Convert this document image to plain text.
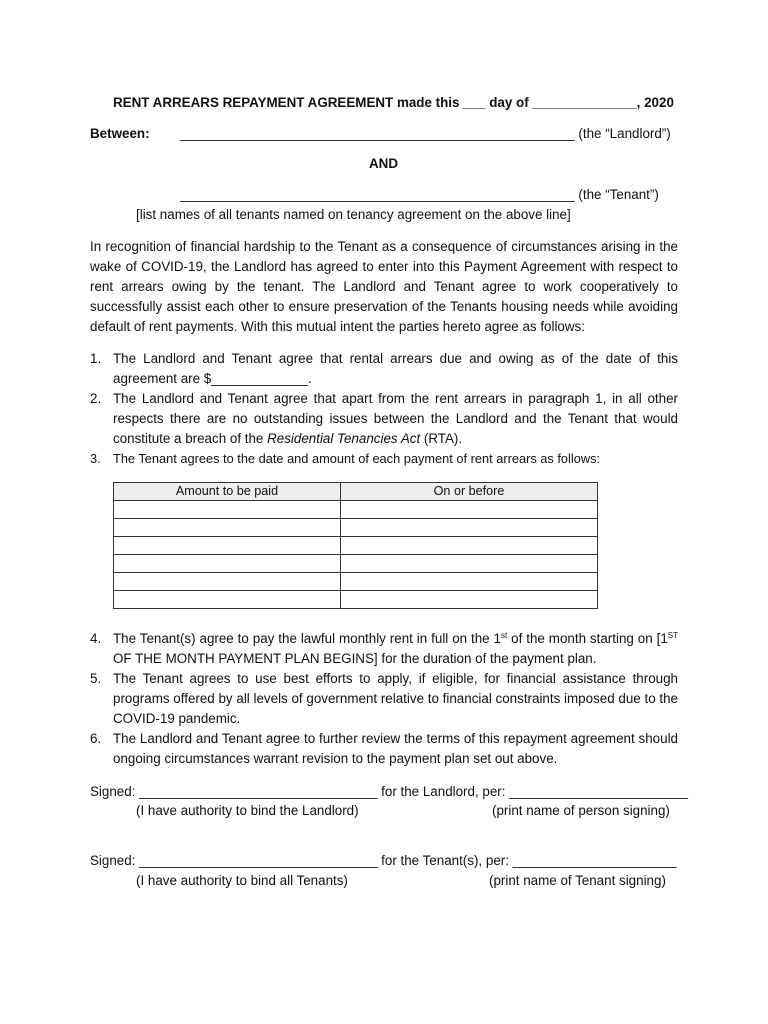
RENT ARREARS REPAYMENT AGREEMENT made this ___ day of ______________, 2020
Between: _____________________________________________________ (the “Landlord”)
AND
_____________________________________________________ (the “Tenant”)
[list names of all tenants named on tenancy agreement on the above line]
In recognition of financial hardship to the Tenant as a consequence of circumstances arising in the wake of COVID-19, the Landlord has agreed to enter into this Payment Agreement with respect to rent arrears owing by the tenant. The Landlord and Tenant agree to work cooperatively to successfully assist each other to ensure preservation of the Tenants housing needs while avoiding default of rent payments. With this mutual intent the parties hereto agree as follows:
1. The Landlord and Tenant agree that rental arrears due and owing as of the date of this agreement are $_____________.
2. The Landlord and Tenant agree that apart from the rent arrears in paragraph 1, in all other respects there are no outstanding issues between the Landlord and the Tenant that would constitute a breach of the Residential Tenancies Act (RTA).
3. The Tenant agrees to the date and amount of each payment of rent arrears as follows:
Amount to be paid	On or before

4. The Tenant(s) agree to pay the lawful monthly rent in full on the 1st of the month starting on [1ST OF THE MONTH PAYMENT PLAN BEGINS] for the duration of the payment plan.
5. The Tenant agrees to use best efforts to apply, if eligible, for financial assistance through programs offered by all levels of government relative to financial constraints imposed due to the COVID-19 pandemic.
6. The Landlord and Tenant agree to further review the terms of this repayment agreement should ongoing circumstances warrant revision to the payment plan set out above.
Signed: ________________________________ for the Landlord, per: ________________________
(I have authority to bind the Landlord)	(print name of person signing)
Signed: ________________________________ for the Tenant(s), per: ______________________
(I have authority to bind all Tenants)	(print name of Tenant signing)
